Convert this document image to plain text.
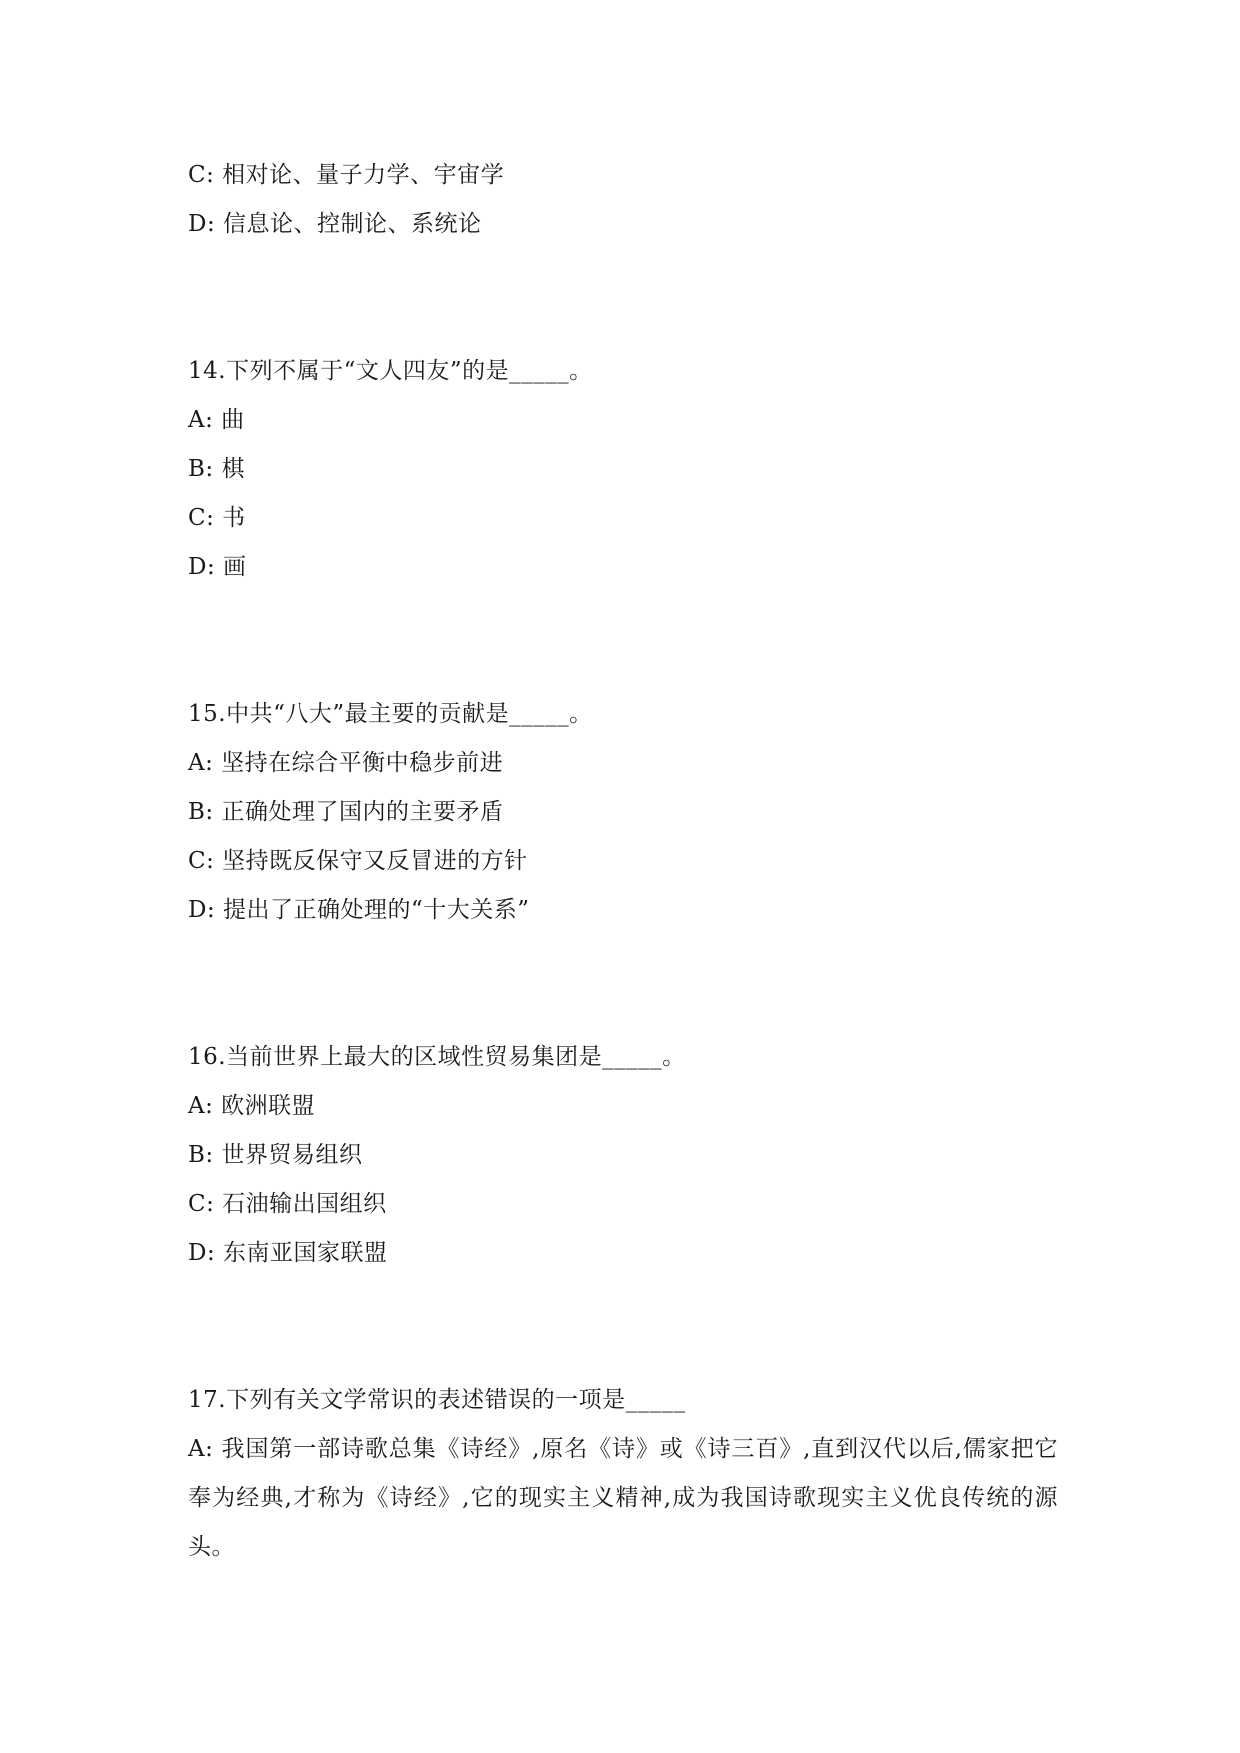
C: 相对论、量子力学、宇宙学
D: 信息论、控制论、系统论
14.下列不属于“文人四友”的是_____。
A: 曲
B: 棋
C: 书
D: 画
15.中共“八大”最主要的贡献是_____。
A: 坚持在综合平衡中稳步前进
B: 正确处理了国内的主要矛盾
C: 坚持既反保守又反冒进的方针
D: 提出了正确处理的“十大关系”
16.当前世界上最大的区域性贸易集团是_____。
A: 欧洲联盟
B: 世界贸易组织
C: 石油输出国组织
D: 东南亚国家联盟
17.下列有关文学常识的表述错误的一项是_____
A: 我国第一部诗歌总集《诗经》,原名《诗》或《诗三百》,直到汉代以后,儒家把它奉为经典,才称为《诗经》,它的现实主义精神,成为我国诗歌现实主义优良传统的源头。
